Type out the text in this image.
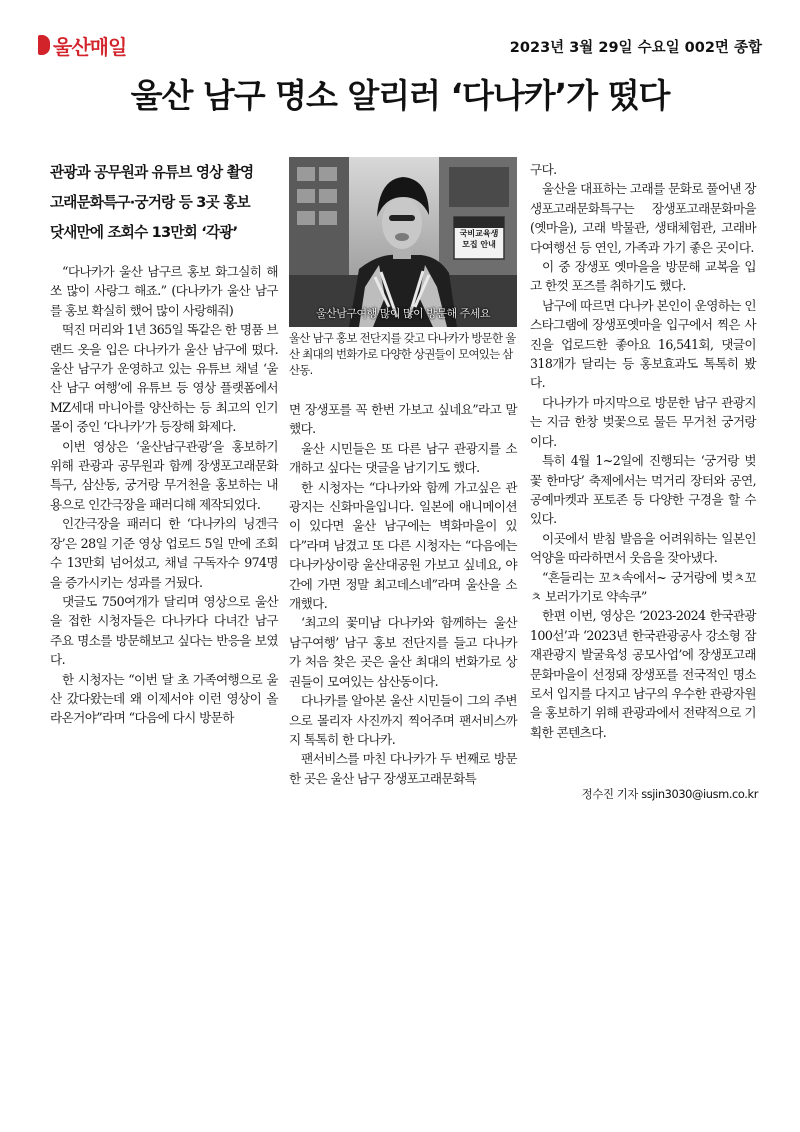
울산매일	2023년 3월 29일 수요일 002면 종합
울산 남구 명소 알리러 ‘다나카’가 떴다
관광과 공무원과 유튜브 영상 촬영
고래문화특구·궁거랑 등 3곳 홍보
닷새만에 조회수 13만회 ‘각광’

“다나카가 울산 남구르 홍보 화그실히 해쏘 많이 사랑그 해죠.” (다나카가 울산 남구를 홍보 확실히 했어 많이 사랑해줘)

떡진 머리와 1년 365일 똑같은 한 명품 브랜드 옷을 입은 다나카가 울산 남구에 떴다. 울산 남구가 운영하고 있는 유튜브 채널 ‘울산 남구 여행’에 유튜브 등 영상 플랫폼에서 MZ세대 마니아를 양산하는 등 최고의 인기몰이 중인 ‘다나카’가 등장해 화제다.

이번 영상은 ‘울산남구관광’을 홍보하기 위해 관광과 공무원과 함께 장생포고래문화특구, 삼산동, 궁거랑 무거천을 홍보하는 내용으로 인간극장을 패러디해 제작되었다.

인간극장을 패러디 한 ‘다나카의 닝겐극장’은 28일 기준 영상 업로드 5일 만에 조회수 13만회 넘어섰고, 채널 구독자수 974명을 증가시키는 성과를 거뒀다.

댓글도 750여개가 달리며 영상으로 울산을 접한 시청자들은 다나카다 다녀간 남구 주요 명소를 방문해보고 싶다는 반응을 보였다.

한 시청자는 “이번 달 초 가족여행으로 울산 갔다왔는데 왜 이제서야 이런 영상이 올라온거야”라며 “다음에 다시 방문하

울산남구여행 많이 많이 방문해 주세요
국비교육생 모집 안내
울산 남구 홍보 전단지를 갖고 다나카가 방문한 울산 최대의 번화가로 다양한 상권들이 모여있는 삼산동.

면 장생포를 꼭 한번 가보고 싶네요”라고 말했다.

울산 시민들은 또 다른 남구 관광지를 소개하고 싶다는 댓글을 남기기도 했다.

한 시청자는 “다나카와 함께 가고싶은 관광지는 신화마을입니다. 일본에 애니메이션이 있다면 울산 남구에는 벽화마을이 있다”라며 남겼고 또 다른 시청자는 “다음에는 다나카상이랑 울산대공원 가보고 싶네요, 야간에 가면 정말 최고데스네”라며 울산을 소개했다.

‘최고의 꽃미남 다나카와 함께하는 울산 남구여행’ 남구 홍보 전단지를 들고 다나카가 처음 찾은 곳은 울산 최대의 번화가로 상권들이 모여있는 삼산동이다.

다나카를 알아본 울산 시민들이 그의 주변으로 몰리자 사진까지 찍어주며 팬서비스까지 톡톡히 한 다나카.

팬서비스를 마친 다나카가 두 번째로 방문한 곳은 울산 남구 장생포고래문화특

구다.

울산을 대표하는 고래를 문화로 풀어낸 장생포고래문화특구는 장생포고래문화마을(옛마을), 고래 박물관, 생태체험관, 고래바다여행선 등 연인, 가족과 가기 좋은 곳이다.

이 중 장생포 옛마을을 방문해 교복을 입고 한껏 포즈를 취하기도 했다.

남구에 따르면 다나카 본인이 운영하는 인스타그램에 장생포옛마을 입구에서 찍은 사진을 업로드한 좋아요 16,541회, 댓글이 318개가 달리는 등 홍보효과도 톡톡히 봤다.

다나카가 마지막으로 방문한 남구 관광지는 지금 한창 벚꽃으로 물든 무거천 궁거랑이다.

특히 4월 1~2일에 진행되는 ‘궁거랑 벚꽃 한마당’ 축제에서는 먹거리 장터와 공연, 공예마켓과 포토존 등 다양한 구경을 할 수 있다.

이곳에서 받침 발음을 어려워하는 일본인 억양을 따라하면서 웃음을 잦아냈다.

“흔들리는 꼬ㅊ속에서~ 궁거랑에 벚ㅊ꼬ㅊ 보러가기로 약속쿠”

한편 이번, 영상은 ‘2023-2024 한국관광100선’과 ‘2023년 한국관광공사 강소형 잠재관광지 발굴육성 공모사업’에 장생포고래문화마을이 선정돼 장생포를 전국적인 명소로서 입지를 다지고 남구의 우수한 관광자원을 홍보하기 위해 관광과에서 전략적으로 기획한 콘텐츠다.

정수진 기자 ssjin3030@iusm.co.kr
